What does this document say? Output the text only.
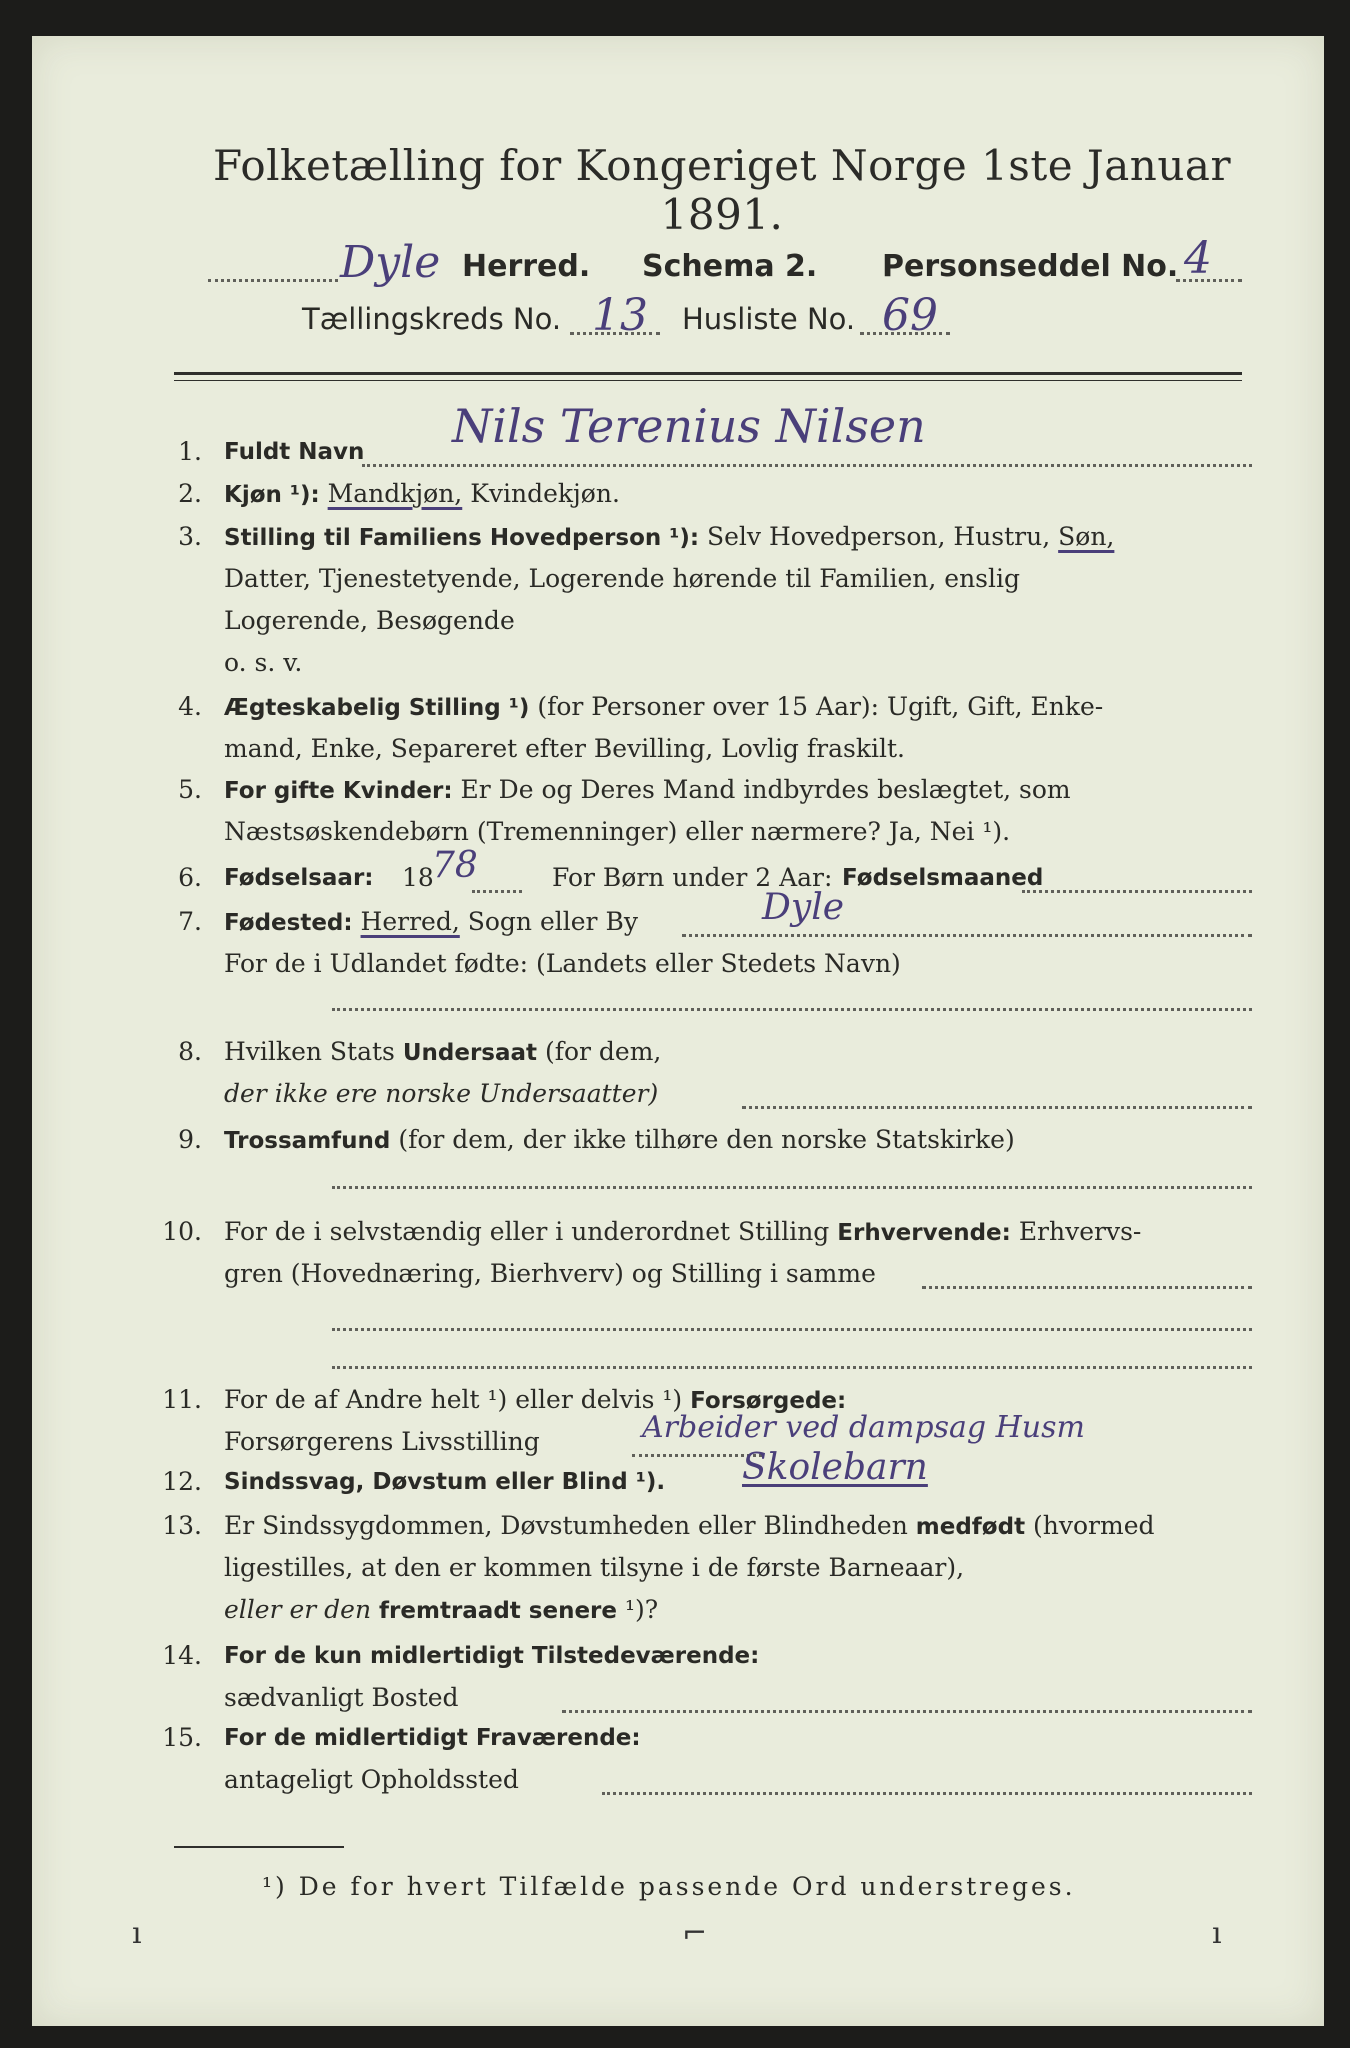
Folketælling for Kongeriget Norge 1ste Januar 1891.
Dyle Herred. Schema 2. Personseddel No. 4
Tællingskreds No. 13 Husliste No. 69
1. Fuldt Navn Nils Terenius Nilsen
2. Kjøn ¹): Mandkjøn, Kvindekjøn.
3. Stilling til Familiens Hovedperson ¹): Selv Hovedperson, Hustru, Søn,
Datter, Tjenestetyende, Logerende hørende til Familien, enslig
Logerende, Besøgende
o. s. v.
4. Ægteskabelig Stilling ¹) (for Personer over 15 Aar): Ugift, Gift, Enke-
mand, Enke, Separeret efter Bevilling, Lovlig fraskilt.
5. For gifte Kvinder: Er De og Deres Mand indbyrdes beslægtet, som
Næstsøskendebørn (Tremenninger) eller nærmere? Ja, Nei ¹).
6. Fødselsaar: 18
78	For Børn under 2 Aar: Fødselsmaaned
7. Fødested: Herred, Sogn eller By	Dyle
For de i Udlandet fødte: (Landets eller Stedets Navn)
8. Hvilken Stats Undersaat (for dem,
der ikke ere norske Undersaatter)
9. Trossamfund (for dem, der ikke tilhøre den norske Statskirke)
10. For de i selvstændig eller i underordnet Stilling Erhvervende: Erhvervs-
gren (Hovednæring, Bierhverv) og Stilling i samme
11. For de af Andre helt ¹) eller delvis ¹) Forsørgede:
Forsørgerens Livsstilling	Arbeider ved dampsag Husm
12. Sindssvag, Døvstum eller Blind ¹). Skolebarn
13. Er Sindssygdommen, Døvstumheden eller Blindheden medfødt (hvormed
ligestilles, at den er kommen tilsyne i de første Barneaar),
eller er den fremtraadt senere ¹)?
14. For de kun midlertidigt Tilstedeværende:
sædvanligt Bosted
15. For de midlertidigt Fraværende:
antageligt Opholdssted
¹) De for hvert Tilfælde passende Ord understreges.
ı	⌐	ı
